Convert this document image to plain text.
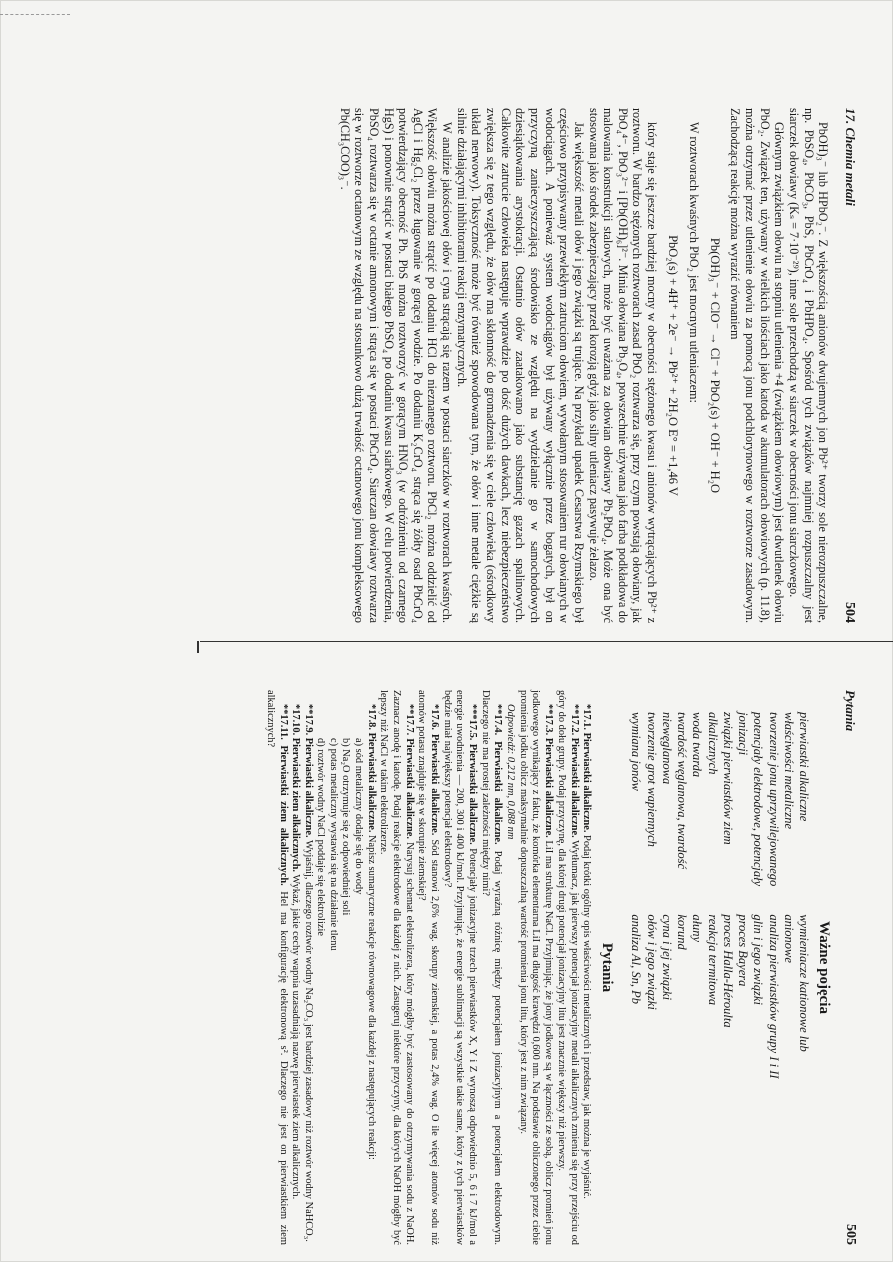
17. Chemia metali
504

PbOH)₃⁻ lub HPbO₂⁻. Z większością anionów dwujemnych jon Pb²⁺ tworzy sole nierozpuszczalne, np. PbSO₄, PbCO₃, PbS, PbCrO₄ i PbHPO₄. Spośród tych związków najmniej rozpuszczalny jest siarczek ołowiawy (Kₛ = 7·10⁻²⁹), inne sole przechodzą w siarczek w obecności jonu siarczkowego.

Głównym związkiem ołowiu na stopniu utlenienia +4 (związkiem ołowiowym) jest dwutlenek ołowiu PbO₂. Związek ten, używany w wielkich ilościach jako katoda w akumulatorach ołowiowych (p. 11.8), można otrzymać przez utlenienie ołowiu za pomocą jonu podchlorynowego w roztworze zasadowym. Zachodzącą reakcję można wyrazić równaniem

Pb(OH)₃⁻ + ClO⁻ → Cl⁻ + PbO₂(s) + OH⁻ + H₂O

W roztworach kwaśnych PbO₂ jest mocnym utleniaczem:

PbO₂(s) + 4H⁺ + 2e⁻ → Pb²⁺ + 2H₂O E° = +1,46 V

który staje się jeszcze bardziej mocny w obecności stężonego kwasu i anionów wytrącających Pb²⁺ z roztworu. W bardzo stężonych roztworach zasad PbO₂ roztwarza się, przy czym powstają ołowiany, jak PbO₄⁴⁻, PbO₃²⁻ i [Pb(OH)₆]²⁻. Minia ołowiana Pb₃O₄, powszechnie używana jako farba podkładowa do malowania konstrukcji stalowych, może być uważana za ołowian ołowiawy Pb₂PbO₄. Może ona być stosowana jako środek zabezpieczający przed korozją gdyż jako silny utleniacz pasywuje żelazo.

Jak większość metali ołów i jego związki są trujące. Na przykład upadek Cesarstwa Rzymskiego był częściowo przypisywany przewlekłym zatruciom ołowiem, wywołanym stosowaniem rur ołowianych w wodociągach. A ponieważ system wodociągów był używany wyłącznie przez bogatych, był on przyczyną zanieczyszczającą środowisko ze względu na wydzielanie go w samochodowych dziesiątkowania arystokracji. Ostatnio ołów zaatakowano jako substancję gazach spalinowych. Całkowite zatrucie człowieka następuje wprawdzie po dość dużych dawkach, lecz niebezpieczeństwo zwiększa się z tego względu, że ołów ma skłonność do gromadzenia się w ciele człowieka (ośrodkowy układ nerwowy). Toksyczność może być również spowodowana tym, że ołów i inne metale ciężkie są silnie działającymi inhibitorami reakcji enzymatycznych.

W analizie jakościowej ołów i cyna strącają się razem w postaci siarczków w roztworach kwaśnych. Większość ołowiu można strącić po dodaniu HCl do nieznanego roztworu. PbCl₂ można oddzielić od AgCl i Hg₂Cl₂ przez ługowanie w gorącej wodzie. Po dodaniu K₂CrO₄ strąca się żółty osad PbCrO₄ potwierdzający obecność Pb. PbS można roztworzyć w gorącym HNO₃ (w odróżnieniu od czarnego HgS) i ponownie strącić w postaci białego PbSO₄ po dodaniu kwasu siarkowego. W celu potwierdzenia, PbSO₄ roztwarza się w octanie amonowym i strąca się w postaci PbCrO₄. Siarczan ołowiawy roztwarza się w roztworze octanowym ze względu na stosunkowo dużą trwałość octanowego jonu kompleksowego Pb(CH₃COO)₃⁻.

Pytania
505
Ważne pojęcia
pierwiastki alkaliczne
właściwości metaliczne
tworzenie jonu uprzywilejowanego
potencjały elektrodowe, potencjały
jonizacji
związki pierwiastków ziem
alkalicznych
woda twarda
twardość węglanowa, twardość
niewęglanowa
tworzenie grot wapiennych
wymiana jonów
wymieniacze kationowe lub
anionowe
analiza pierwiastków grupy I i II
glin i jego związki
proces Bayera
proces Halla-Héroulta
reakcja termitowa
ałuny
korund
cyna i jej związki
ołów i jego związki
analiza Al, Sn, Pb
Pytania

*17.1. Pierwiastki alkaliczne. Podaj krótki ogólny opis właściwości metalicznych i przedstaw, jak można je wyjaśnić.

**17.2. Pierwiastki alkaliczne. Wytłumacz, jak pierwszy potencjał jonizacyjny metali alkalicznych zmienia się przy przejściu od góry do dołu grupy. Podaj przyczynę, dla której drugi potencjał jonizacyjny litu jest znacznie większy niż pierwszy.

**17.3. Pierwiastki alkaliczne. LiI ma strukturę NaCl. Przyjmując, że jony jodkowe są w łączności ze sobą, oblicz promień jonu jodkowego wynikający z faktu, że komórka elementarna LiI ma długość krawędzi 0,600 nm. Na podstawie obliczonego przez ciebie promienia jodku oblicz maksymalnie dopuszczalną wartość promienia jonu litu, który jest z nim związany.

Odpowiedź: 0,212 nm, 0,088 nm

**17.4. Pierwiastki alkaliczne. Podaj wyraźną różnicę między potencjałem jonizacyjnym a potencjałem elektrodowym. Dlaczego nie ma prostej zależności między nimi?

***17.5. Pierwiastki alkaliczne. Potencjały jonizacyjne trzech pierwiastków X, Y i Z wynoszą odpowiednio 5, 6 i 7 kJ/mol a energie uwodnienia — 200, 300 i 400 kJ/mol. Przyjmując, że energie sublimacji są wszystkie takie same, który z tych pierwiastków będzie miał największy potencjał elektrodowy?

*17.6. Pierwiastki alkaliczne. Sód stanowi 2,6% wag. skorupy ziemskiej, a potas 2,4% wag. O ile więcej atomów sodu niż atomów potasu znajduje się w skorupie ziemskiej?

**17.7. Pierwiastki alkaliczne. Narysuj schemat elektrolizera, który mógłby być zastosowany do otrzymywania sodu z NaOH. Zaznacz anodę i katodę. Podaj reakcje elektrodowe dla każdej z nich. Zasugeruj niektóre przyczyny, dla których NaOH mógłby być lepszy niż NaCl w takim elektrolizerze.

*17.8. Pierwiastki alkaliczne. Napisz sumaryczne reakcje równowagowe dla każdej z następujących reakcji:

a) sód metaliczny dodaje się do wody
b) Na₂O otrzymuje się z odpowiedniej soli
c) potas metaliczny wystawia się na działanie tlenu
d) roztwór wodny NaCl poddaje się elektrolizie

**17.9. Pierwiastki alkaliczne. Wyjaśnij, dlaczego roztwór wodny Na₂CO₃ jest bardziej zasadowy niż roztwór wodny NaHCO₃.

*17.10. Pierwiastki ziem alkalicznych. Wykaż, jakie cechy wapnia uzasadniają nazwę pierwiastek ziem alkalicznych.

**17.11. Pierwiastki ziem alkalicznych. Hel ma konfigurację elektronową s². Dlaczego nie jest on pierwiastkiem ziem alkalicznych?
